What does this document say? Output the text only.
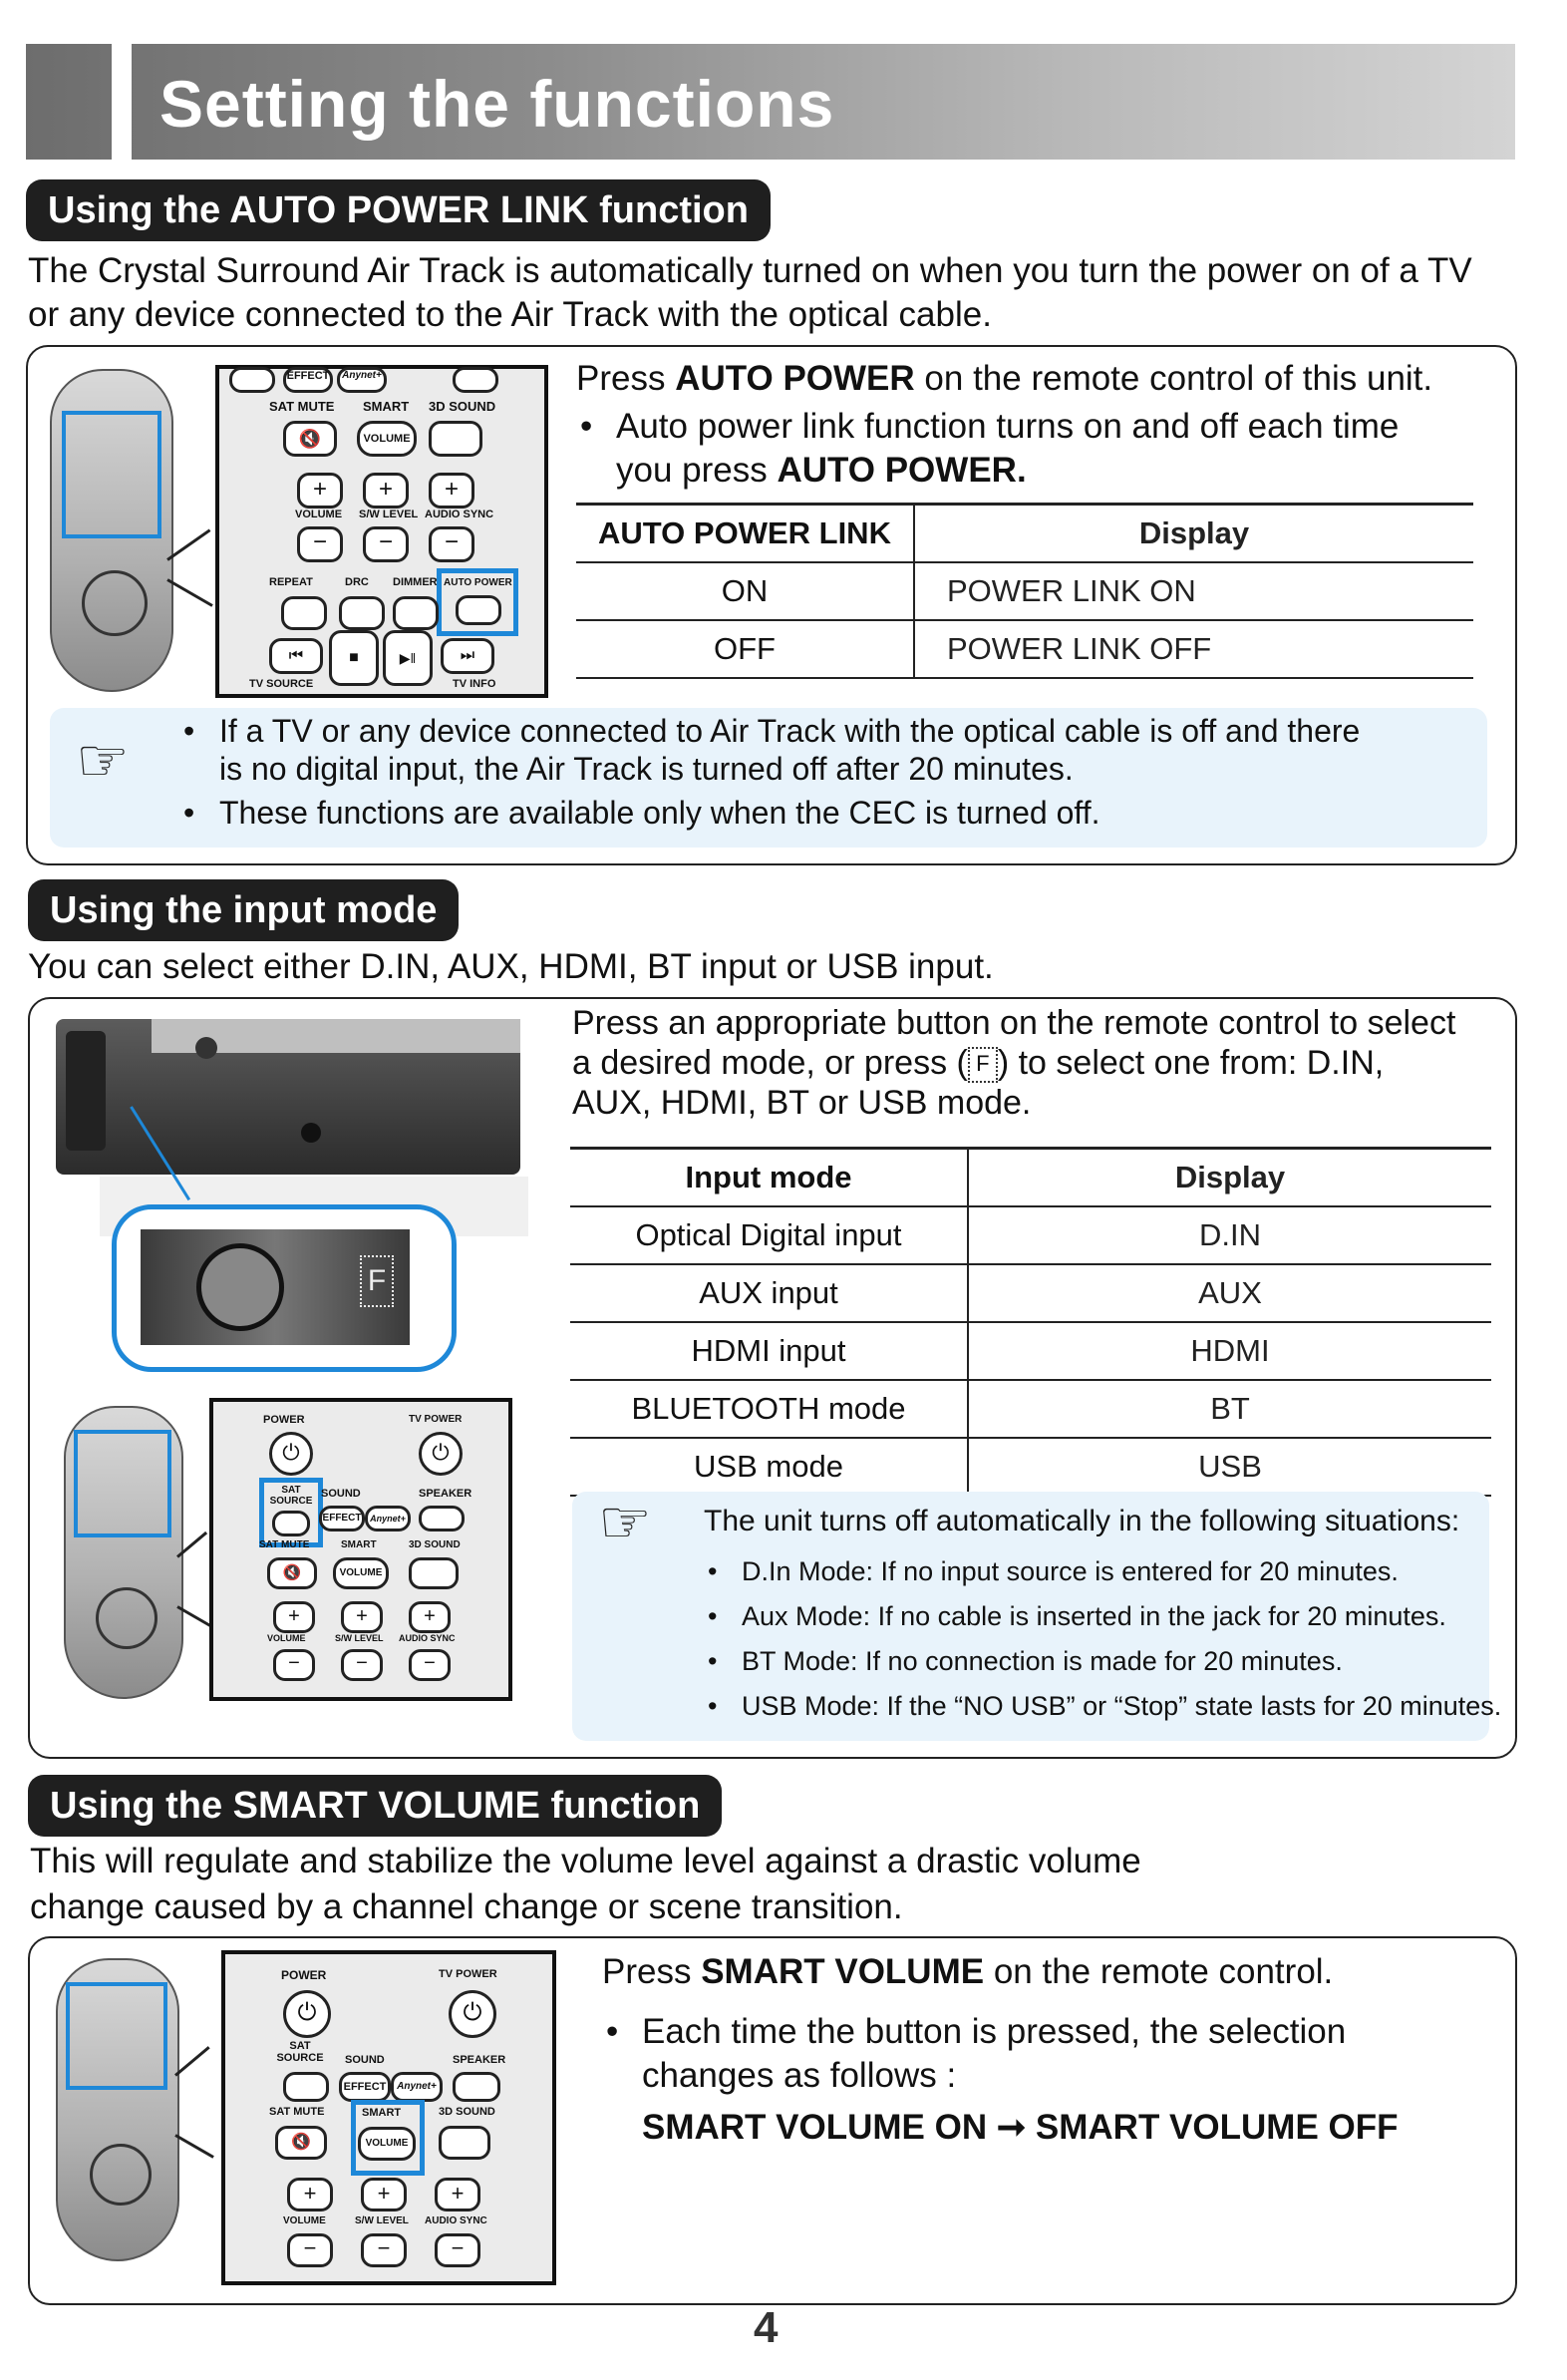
Setting the functions
Using the AUTO POWER LINK function
The Crystal Surround Air Track is automatically turned on when you turn the power on of a TV
or any device connected to the Air Track with the optical cable.
EFFECT	Anynet+
SAT MUTE SMART 3D SOUND
🔇	VOLUME
+	+	+
VOLUME S/W LEVEL AUDIO SYNC
−	−	−
REPEAT	DRC DIMMER AUTO POWER
⏮	■	▶ǁ	⏭
TV SOURCE	TV INFO
Press AUTO POWER on the remote control of this unit.
• Auto power link function turns on and off each time
you press AUTO POWER.
AUTO POWER LINK	Display
ON	POWER LINK ON
OFF	POWER LINK OFF
☞	• If a TV or any device connected to Air Track with the optical cable is off and there
is no digital input, the Air Track is turned off after 20 minutes.
• These functions are available only when the CEC is turned off.
Using the input mode
You can select either D.IN, AUX, HDMI, BT input or USB input.
F
POWER	TV POWER
⏻	⏻
SAT SOURCE
SOUND	SPEAKER
EFFECT Anynet+
SAT MUTE	SMART	3D SOUND
🔇	VOLUME
+	+	+
VOLUME	S/W LEVEL AUDIO SYNC
−	−	−
Press an appropriate button on the remote control to select
a desired mode, or press ( F ) to select one from: D.IN,
AUX, HDMI, BT or USB mode.
Input mode	Display
Optical Digital input	D.IN
AUX input	AUX
HDMI input	HDMI
BLUETOOTH mode	BT
USB mode	USB
☞ The unit turns off automatically in the following situations:
• D.In Mode: If no input source is entered for 20 minutes.
• Aux Mode: If no cable is inserted in the jack for 20 minutes.
• BT Mode: If no connection is made for 20 minutes.
• USB Mode: If the “NO USB” or “Stop” state lasts for 20 minutes.
Using the SMART VOLUME function
This will regulate and stabilize the volume level against a drastic volume
change caused by a channel change or scene transition.
POWER	TV POWER
⏻	⏻
SAT SOURCE SOUND	SPEAKER
EFFECT	Anynet+
SAT MUTE	SMART
VOLUME
3D SOUND
🔇
+	+	+
VOLUME	S/W LEVEL AUDIO SYNC
−	−	−
Press SMART VOLUME on the remote control.
• Each time the button is pressed, the selection
changes as follows :
SMART VOLUME ON ➞ SMART VOLUME OFF
4
